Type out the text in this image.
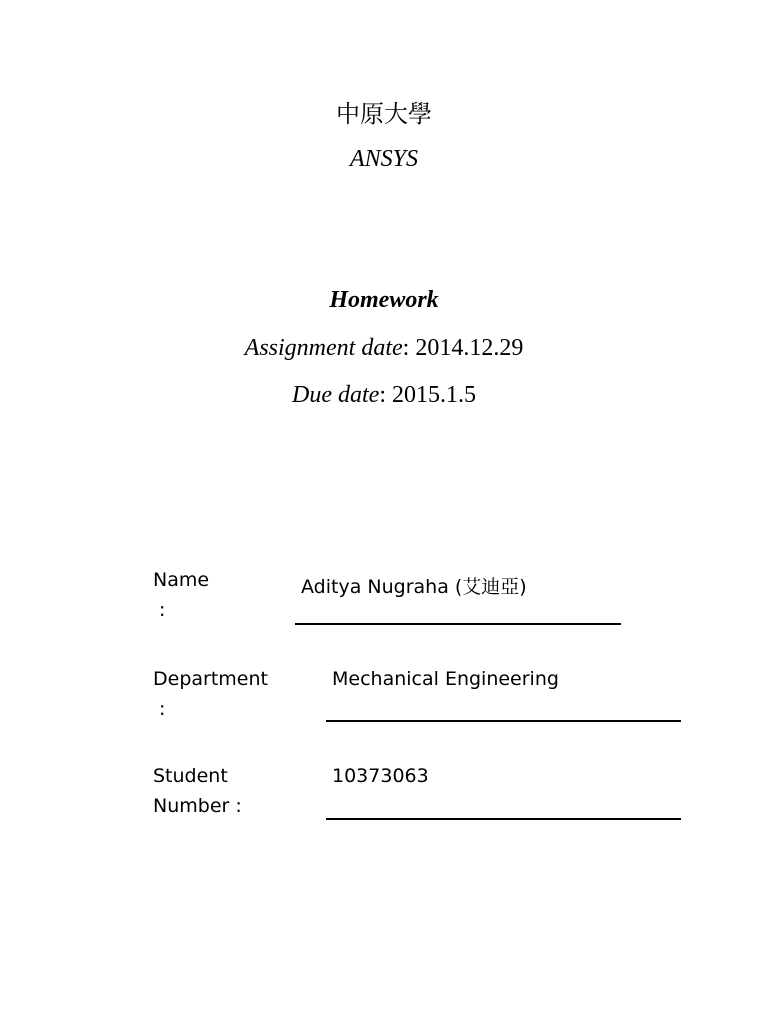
中原大學
ANSYS
Homework
Assignment date: 2014.12.29
Due date: 2015.1.5
Name
:
Aditya Nugraha (艾迪亞)
Department
:
Mechanical Engineering
Student
Number :
10373063
